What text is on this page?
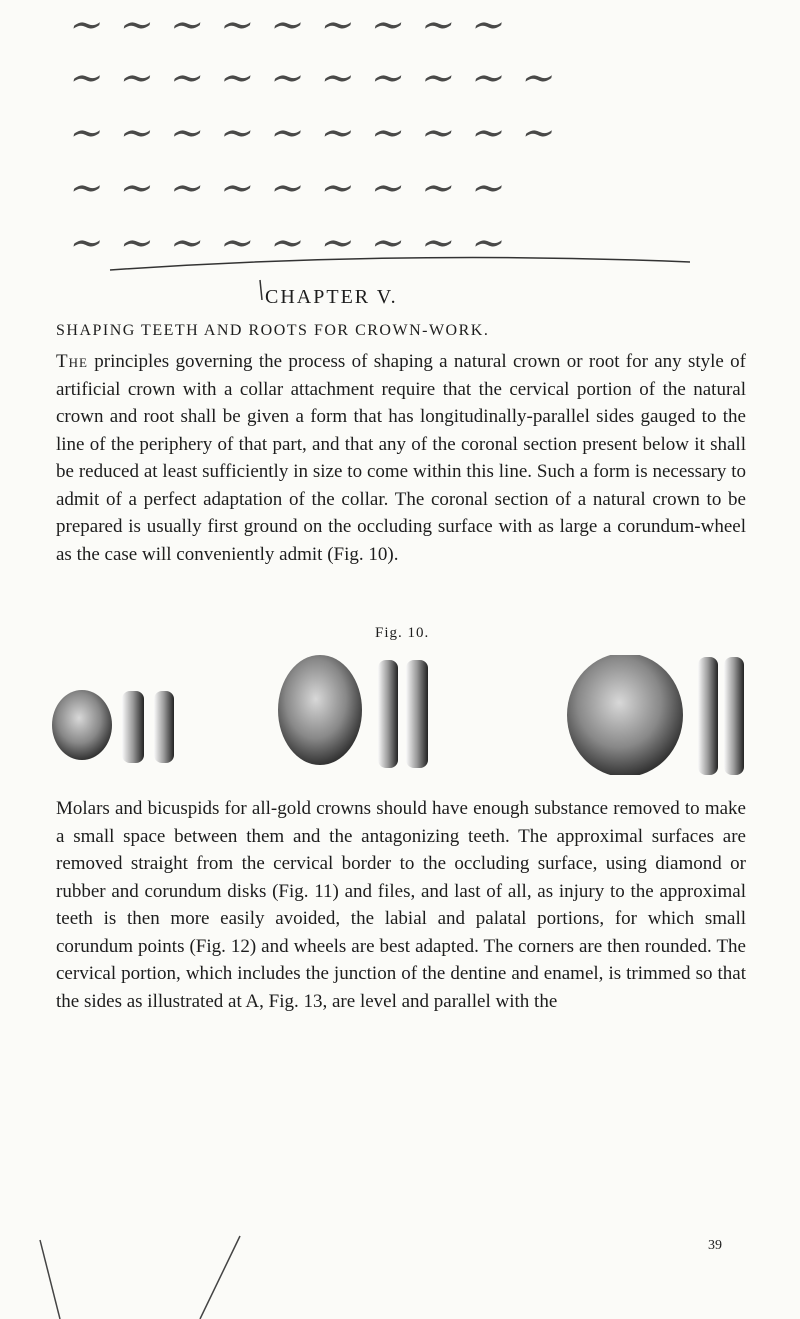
~ ~ ~ ~ ~ ~ ~ ~ ~
~ ~ ~ ~ ~ ~ ~ ~ ~ ~
~ ~ ~ ~ ~ ~ ~ ~ ~ ~
~ ~ ~ ~ ~ ~ ~ ~ ~
~ ~ ~ ~ ~ ~ ~ ~ ~
CHAPTER V.
SHAPING TEETH AND ROOTS FOR CROWN-WORK.
The principles governing the process of shaping a natural crown or root for any style of artificial crown with a collar attachment require that the cervical portion of the natural crown and root shall be given a form that has longitudinally-parallel sides gauged to the line of the periphery of that part, and that any of the coronal section present below it shall be reduced at least sufficiently in size to come within this line. Such a form is necessary to admit of a perfect adaptation of the collar. The coronal section of a natural crown to be prepared is usually first ground on the occluding surface with as large a corundum-wheel as the case will conveniently admit (Fig. 10).
Fig. 10.
Molars and bicuspids for all-gold crowns should have enough substance removed to make a small space between them and the antagonizing teeth. The approximal surfaces are removed straight from the cervical border to the occluding surface, using diamond or rubber and corundum disks (Fig. 11) and files, and last of all, as injury to the approximal teeth is then more easily avoided, the labial and palatal portions, for which small corundum points (Fig. 12) and wheels are best adapted. The corners are then rounded. The cervical portion, which includes the junction of the dentine and enamel, is trimmed so that the sides as illustrated at A, Fig. 13, are level and parallel with the
39
